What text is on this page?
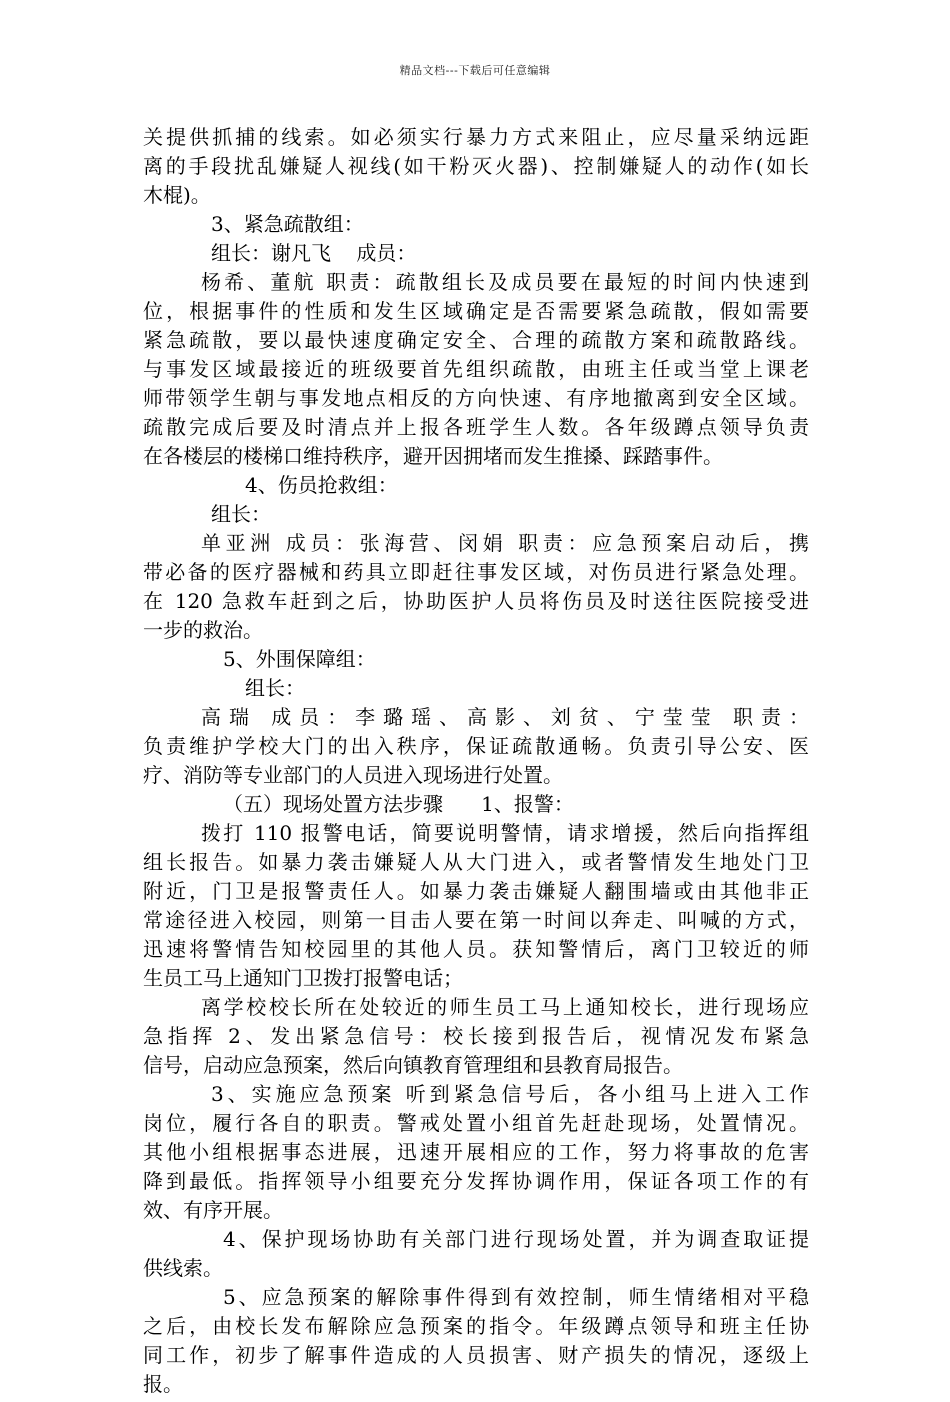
精品文档---下载后可任意编辑
关提供抓捕的线索。如必须实行暴力方式来阻止，应尽量采纳远距
离的手段扰乱嫌疑人视线(如干粉灭火器)、控制嫌疑人的动作(如长
木棍)。
3、紧急疏散组：
组长：谢凡飞    成员：
杨希、董航 职责：疏散组长及成员要在最短的时间内快速到
位，根据事件的性质和发生区域确定是否需要紧急疏散，假如需要
紧急疏散，要以最快速度确定安全、合理的疏散方案和疏散路线。
与事发区域最接近的班级要首先组织疏散，由班主任或当堂上课老
师带领学生朝与事发地点相反的方向快速、有序地撤离到安全区域。
疏散完成后要及时清点并上报各班学生人数。各年级蹲点领导负责
在各楼层的楼梯口维持秩序，避开因拥堵而发生推搡、踩踏事件。
4、伤员抢救组：
组长：
单亚洲 成员：张海营、闵娟 职责：应急预案启动后，携
带必备的医疗器械和药具立即赶往事发区域，对伤员进行紧急处理。
在 120 急救车赶到之后，协助医护人员将伤员及时送往医院接受进
一步的救治。
5、外围保障组：
组长：
高瑞 成员：李璐瑶、高影、刘贫、宁莹莹 职责：
负责维护学校大门的出入秩序，保证疏散通畅。负责引导公安、医
疗、消防等专业部门的人员进入现场进行处置。
（五）现场处置方法步骤      1、报警：
拨打 110 报警电话，简要说明警情，请求增援，然后向指挥组
组长报告。如暴力袭击嫌疑人从大门进入，或者警情发生地处门卫
附近，门卫是报警责任人。如暴力袭击嫌疑人翻围墙或由其他非正
常途径进入校园，则第一目击人要在第一时间以奔走、叫喊的方式，
迅速将警情告知校园里的其他人员。获知警情后，离门卫较近的师
生员工马上通知门卫拨打报警电话；
离学校校长所在处较近的师生员工马上通知校长，进行现场应
急指挥 2、发出紧急信号：校长接到报告后，视情况发布紧急
信号，启动应急预案，然后向镇教育管理组和县教育局报告。
3、实施应急预案 听到紧急信号后，各小组马上进入工作
岗位，履行各自的职责。警戒处置小组首先赶赴现场，处置情况。
其他小组根据事态进展，迅速开展相应的工作，努力将事故的危害
降到最低。指挥领导小组要充分发挥协调作用，保证各项工作的有
效、有序开展。
4、保护现场协助有关部门进行现场处置，并为调查取证提
供线索。
5、应急预案的解除事件得到有效控制，师生情绪相对平稳
之后，由校长发布解除应急预案的指令。年级蹲点领导和班主任协
同工作，初步了解事件造成的人员损害、财产损失的情况，逐级上
报。
